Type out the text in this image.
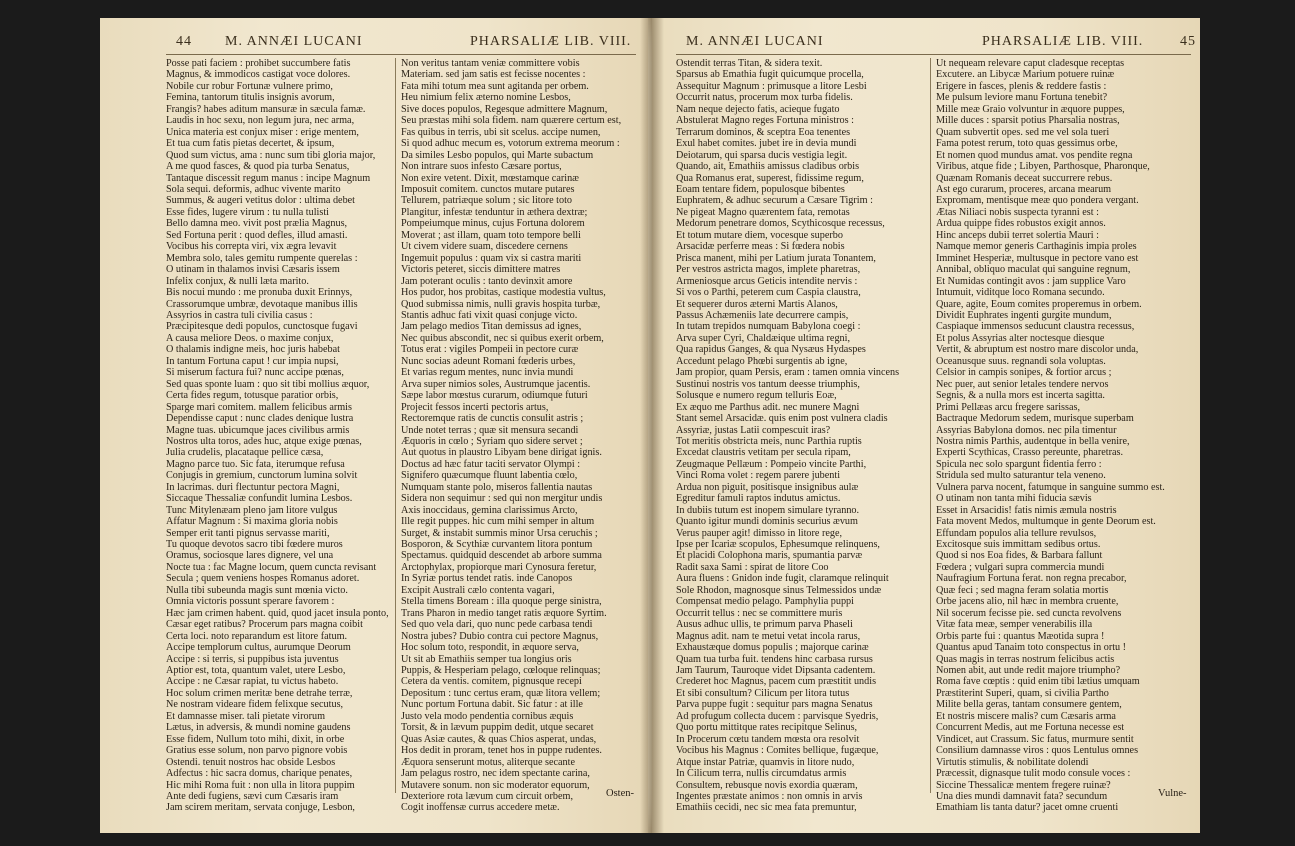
44 M. ANNÆI LUCANI	PHARSALIÆ LIB. VIII.
Posse pati faciem : prohibet succumbere fatis
Magnus, & immodicos castigat voce dolores.
Nobile cur robur Fortunæ vulnere primo,
Femina, tantorum titulis insignis avorum,
Frangis? habes aditum mansuræ in sæcula famæ.
Laudis in hoc sexu, non legum jura, nec arma,
Unica materia est conjux miser : erige mentem,
Et tua cum fatis pietas decertet, & ipsum,
Quod sum victus, ama : nunc sum tibi gloria major,
A me quod fasces, & quod pia turba Senatus,
Tantaque discessit regum manus : incipe Magnum
Sola sequi. deformis, adhuc vivente marito
Summus, & augeri vetitus dolor : ultima debet
Esse fides, lugere virum : tu nulla tulisti
Bello damna meo. vivit post prælia Magnus,
Sed Fortuna perit : quod defles, illud amasti.
Vocibus his correpta viri, vix ægra levavit
Membra solo, tales gemitu rumpente querelas :
O utinam in thalamos invisi Cæsaris issem
Infelix conjux, & nulli læta marito.
Bis nocui mundo : me pronuba duxit Erinnys,
Crassorumque umbræ, devotaque manibus illis
Assyrios in castra tuli civilia casus :
Præcipitesque dedi populos, cunctosque fugavi
A causa meliore Deos. o maxime conjux,
O thalamis indigne meis, hoc juris habebat
In tantum Fortuna caput ! cur impia nupsi,
Si miserum factura fui? nunc accipe pœnas,
Sed quas sponte luam : quo sit tibi mollius æquor,
Certa fides regum, totusque paratior orbis,
Sparge mari comitem. mallem felicibus armis
Dependisse caput : nunc clades denique lustra
Magne tuas. ubicumque jaces civilibus armis
Nostros ulta toros, ades huc, atque exige pœnas,
Julia crudelis, placataque pellice cæsa,
Magno parce tuo. Sic fata, iterumque refusa
Conjugis in gremium, cunctorum lumina solvit
In lacrimas. duri flectuntur pectora Magni,
Siccaque Thessaliæ confundit lumina Lesbos.
Tunc Mitylenæam pleno jam litore vulgus
Affatur Magnum : Si maxima gloria nobis
Semper erit tanti pignus servasse mariti,
Tu quoque devotos sacro tibi fœdere muros
Oramus, sociosque lares dignere, vel una
Nocte tua : fac Magne locum, quem cuncta revisant
Secula ; quem veniens hospes Romanus adoret.
Nulla tibi subeunda magis sunt mœnia victo.
Omnia victoris possunt sperare favorem :
Hæc jam crimen habent. quid, quod jacet insula ponto,
Cæsar eget ratibus? Procerum pars magna coibit
Certa loci. noto reparandum est litore fatum.
Accipe templorum cultus, aurumque Deorum
Accipe : si terris, si puppibus ista juventus
Aptior est, tota, quantum valet, utere Lesbo,
Accipe : ne Cæsar rapiat, tu victus habeto.
Hoc solum crimen meritæ bene detrahe terræ,
Ne nostram videare fidem felixque secutus,
Et damnasse miser. tali pietate virorum
Lætus, in adversis, & mundi nomine gaudens
Esse fidem, Nullum toto mihi, dixit, in orbe
Gratius esse solum, non parvo pignore vobis
Ostendi. tenuit nostros hac obside Lesbos
Adfectus : hic sacra domus, charique penates,
Hic mihi Roma fuit : non ulla in litora puppim
Ante dedi fugiens, sævi cum Cæsaris iram
Jam scirem meritam, servata conjuge, Lesbon,
Non veritus tantam veniæ committere vobis
Materiam. sed jam satis est fecisse nocentes :
Fata mihi totum mea sunt agitanda per orbem.
Heu nimium felix æterno nomine Lesbos,
Sive doces populos, Regesque admittere Magnum,
Seu præstas mihi sola fidem. nam quærere certum est,
Fas quibus in terris, ubi sit scelus. accipe numen,
Si quod adhuc mecum es, votorum extrema meorum :
Da similes Lesbo populos, qui Marte subactum
Non intrare suos infesto Cæsare portus,
Non exire vetent. Dixit, mœstamque carinæ
Imposuit comitem. cunctos mutare putares
Tellurem, patriæque solum ; sic litore toto
Plangitur, infestæ tenduntur in æthera dextræ;
Pompeiumque minus, cujus Fortuna dolorem
Moverat ; ast illam, quam toto tempore belli
Ut civem videre suam, discedere cernens
Ingemuit populus : quam vix si castra mariti
Victoris peteret, siccis dimittere matres
Jam poterant oculis : tanto devinxit amore
Hos pudor, hos probitas, castique modestia vultus,
Quod submissa nimis, nulli gravis hospita turbæ,
Stantis adhuc fati vixit quasi conjuge victo.
Jam pelago medios Titan demissus ad ignes,
Nec quibus abscondit, nec si quibus exerit orbem,
Totus erat : vigiles Pompeii in pectore curæ
Nunc socias adeunt Romani fœderis urbes,
Et varias regum mentes, nunc invia mundi
Arva super nimios soles, Austrumque jacentis.
Sæpe labor mœstus curarum, odiumque futuri
Projecit fessos incerti pectoris artus,
Rectoremque ratis de cunctis consulit astris ;
Unde notet terras ; quæ sit mensura secandi
Æquoris in cœlo ; Syriam quo sidere servet ;
Aut quotus in plaustro Libyam bene dirigat ignis.
Doctus ad hæc fatur taciti servator Olympi :
Signifero quæcumque fluunt labentia cœlo,
Numquam stante polo, miseros fallentia nautas
Sidera non sequimur : sed qui non mergitur undis
Axis inoccidaus, gemina clarissimus Arcto,
Ille regit puppes. hic cum mihi semper in altum
Surget, & instabit summis minor Ursa ceruchis ;
Bosporon, & Scythiæ curvantem litora pontum
Spectamus. quidquid descendet ab arbore summa
Arctophylax, propiorque mari Cynosura feretur,
In Syriæ portus tendet ratis. inde Canopos
Excipit Australi cælo contenta vagari,
Stella timens Boream : illa quoque perge sinistra,
Trans Pharon in medio tanget ratis æquore Syrtim.
Sed quo vela dari, quo nunc pede carbasa tendi
Nostra jubes? Dubio contra cui pectore Magnus,
Hoc solum toto, respondit, in æquore serva,
Ut sit ab Emathiis semper tua longius oris
Puppis, & Hesperiam pelago, cœloque relinquas;
Cetera da ventis. comitem, pignusque recepi
Depositum : tunc certus eram, quæ litora vellem;
Nunc portum Fortuna dabit. Sic fatur : at ille
Justo vela modo pendentia cornibus æquis
Torsit, & in lævum puppim dedit, utque secaret
Quas Asiæ cautes, & quas Chios asperat, undas,
Hos dedit in proram, tenet hos in puppe rudentes.
Æquora senserunt motus, aliterque secante
Jam pelagus rostro, nec idem spectante carina,
Mutavere sonum. non sic moderator equorum,
Dexteriore rota lævum cum circuit orbem,
Cogit inoffensæ currus accedere metæ.
Osten-
M. ANNÆI LUCANI	PHARSALIÆ LIB. VIII.	45
Ostendit terras Titan, & sidera texit.
Sparsus ab Emathia fugit quicumque procella,
Assequitur Magnum : primusque a litore Lesbi
Occurrit natus, procerum mox turba fidelis.
Nam neque dejecto fatis, acieque fugato
Abstulerat Magno reges Fortuna ministros :
Terrarum dominos, & sceptra Eoa tenentes
Exul habet comites. jubet ire in devia mundi
Deiotarum, qui sparsa ducis vestigia legit.
Quando, ait, Emathiis amissus cladibus orbis
Qua Romanus erat, superest, fidissime regum,
Eoam tentare fidem, populosque bibentes
Euphratem, & adhuc securum a Cæsare Tigrim :
Ne pigeat Magno quærentem fata, remotas
Medorum penetrare domos, Scythicosque recessus,
Et totum mutare diem, vocesque superbo
Arsacidæ perferre meas : Si fœdera nobis
Prisca manent, mihi per Latium jurata Tonantem,
Per vestros astricta magos, implete pharetras,
Armeniosque arcus Geticis intendite nervis :
Si vos o Parthi, peterem cum Caspia claustra,
Et sequerer duros æterni Martis Alanos,
Passus Achæmeniis late decurrere campis,
In tutam trepidos numquam Babylona coegi :
Arva super Cyri, Chaldæique ultima regni,
Qua rapidus Ganges, & qua Nysæus Hydaspes
Accedunt pelago Phœbi surgentis ab igne,
Jam propior, quam Persis, eram : tamen omnia vincens
Sustinui nostris vos tantum deesse triumphis,
Solusque e numero regum telluris Eoæ,
Ex æquo me Parthus adit. nec munere Magni
Stant semel Arsacidæ. quis enim post vulnera cladis
Assyriæ, justas Latii compescuit iras?
Tot meritis obstricta meis, nunc Parthia ruptis
Excedat claustris vetitam per secula ripam,
Zeugmaque Pellæum : Pompeio vincite Parthi,
Vinci Roma volet : regem parere jubenti
Ardua non piguit, positisque insignibus aulæ
Egreditur famuli raptos indutus amictus.
In dubiis tutum est inopem simulare tyranno.
Quanto igitur mundi dominis securius ævum
Verus pauper agit! dimisso in litore rege,
Ipse per Icariæ scopulos, Ephesumque relinquens,
Et placidi Colophona maris, spumantia parvæ
Radit saxa Sami : spirat de litore Coo
Aura fluens : Gnidon inde fugit, claramque relinquit
Sole Rhodon, magnosque sinus Telmessidos undæ
Compensat medio pelago. Pamphylia puppi
Occurrit tellus : nec se committere muris
Ausus adhuc ullis, te primum parva Phaseli
Magnus adit. nam te metui vetat incola rarus,
Exhaustæque domus populis ; majorque carinæ
Quam tua turba fuit. tendens hinc carbasa rursus
Jam Taurum, Tauroque videt Dipsanta cadentem.
Crederet hoc Magnus, pacem cum præstitit undis
Et sibi consultum? Cilicum per litora tutus
Parva puppe fugit : sequitur pars magna Senatus
Ad profugum collecta ducem : parvisque Syedris,
Quo portu mittitque rates recipitque Selinus,
In Procerum cœtu tandem mœsta ora resolvit
Vocibus his Magnus : Comites bellique, fugæque,
Atque instar Patriæ, quamvis in litore nudo,
In Cilicum terra, nullis circumdatus armis
Consultem, rebusque novis exordia quæram,
Ingentes præstate animos : non omnis in arvis
Emathiis cecidi, nec sic mea fata premuntur,
Ut nequeam relevare caput cladesque receptas
Excutere. an Libycæ Marium potuere ruinæ
Erigere in fasces, plenis & reddere fastis :
Me pulsum leviore manu Fortuna tenebit?
Mille meæ Graio volvuntur in æquore puppes,
Mille duces : sparsit potius Pharsalia nostras,
Quam subvertit opes. sed me vel sola tueri
Fama potest rerum, toto quas gessimus orbe,
Et nomen quod mundus amat. vos pendite regna
Viribus, atque fide ; Libyen, Parthosque, Pharonque,
Quænam Romanis deceat succurrere rebus.
Ast ego curarum, proceres, arcana mearum
Expromam, mentisque meæ quo pondera vergant.
Ætas Niliaci nobis suspecta tyranni est :
Ardua quippe fides robustos exigit annos.
Hinc anceps dubii terret solertia Mauri :
Namque memor generis Carthaginis impia proles
Imminet Hesperiæ, multusque in pectore vano est
Annibal, obliquo maculat qui sanguine regnum,
Et Numidas contingit avos : jam supplice Varo
Intumuit, viditque loco Romana secundo.
Quare, agite, Eoum comites properemus in orbem.
Dividit Euphrates ingenti gurgite mundum,
Caspiaque immensos seducunt claustra recessus,
Et polus Assyrias alter noctesque diesque
Vertit, & abruptum est nostro mare discolor unda,
Oceanusque suus. regnandi sola voluptas.
Celsior in campis sonipes, & fortior arcus ;
Nec puer, aut senior letales tendere nervos
Segnis, & a nulla mors est incerta sagitta.
Primi Pellæas arcu fregere sarissas,
Bactraque Medorum sedem, murisque superbam
Assyrias Babylona domos. nec pila timentur
Nostra nimis Parthis, audentque in bella venire,
Experti Scythicas, Crasso pereunte, pharetras.
Spicula nec solo spargunt fidentia ferro :
Stridula sed multo saturantur tela veneno.
Vulnera parva nocent, fatumque in sanguine summo est.
O utinam non tanta mihi fiducia sævis
Esset in Arsacidis! fatis nimis æmula nostris
Fata movent Medos, multumque in gente Deorum est.
Effundam populos alia tellure revulsos,
Excitosque suis immittam sedibus ortus.
Quod si nos Eoa fides, & Barbara fallunt
Fœdera ; vulgari supra commercia mundi
Naufragium Fortuna ferat. non regna precabor,
Quæ feci ; sed magna feram solatia mortis
Orbe jacens alio, nil hæc in membra cruente,
Nil socerum fecisse pie. sed cuncta revolvens
Vitæ fata meæ, semper venerabilis illa
Orbis parte fui : quantus Mæotida supra !
Quantus apud Tanaim toto conspectus in ortu !
Quas magis in terras nostrum felicibus actis
Nomen abit, aut unde redit majore triumpho?
Roma fave cœptis : quid enim tibi lætius umquam
Præstiterint Superi, quam, si civilia Partho
Milite bella geras, tantam consumere gentem,
Et nostris miscere malis? cum Cæsaris arma
Concurrent Medis, aut me Fortuna necesse est
Vindicet, aut Crassum. Sic fatus, murmure sentit
Consilium damnasse viros : quos Lentulus omnes
Virtutis stimulis, & nobilitate dolendi
Præcessit, dignasque tulit modo consule voces :
Siccine Thessalicæ mentem fregere ruinæ?
Una dies mundi damnavit fata? secundum
Emathiam lis tanta datur? jacet omne cruenti
Vulne-
